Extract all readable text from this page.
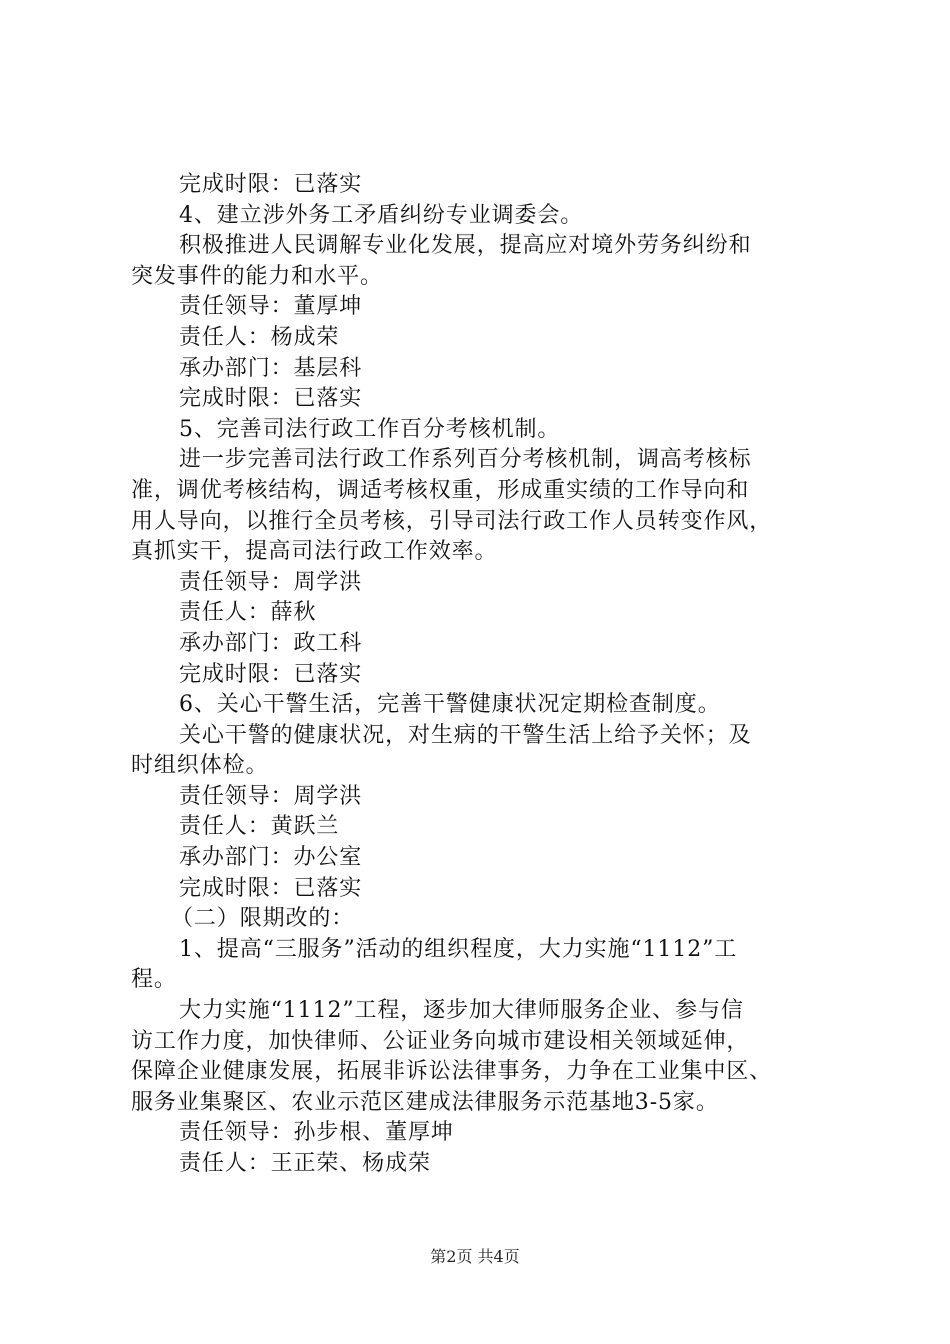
完成时限：已落实
4、建立涉外务工矛盾纠纷专业调委会。
积极推进人民调解专业化发展，提高应对境外劳务纠纷和
突发事件的能力和水平。
责任领导：董厚坤
责任人：杨成荣
承办部门：基层科
完成时限：已落实
5、完善司法行政工作百分考核机制。
进一步完善司法行政工作系列百分考核机制，调高考核标
准，调优考核结构，调适考核权重，形成重实绩的工作导向和
用人导向，以推行全员考核，引导司法行政工作人员转变作风，
真抓实干，提高司法行政工作效率。
责任领导：周学洪
责任人：薛秋
承办部门：政工科
完成时限：已落实
6、关心干警生活，完善干警健康状况定期检查制度。
关心干警的健康状况，对生病的干警生活上给予关怀；及
时组织体检。
责任领导：周学洪
责任人：黄跃兰
承办部门：办公室
完成时限：已落实
（二）限期改的：
1、提高“三服务”活动的组织程度，大力实施“1112”工
程。
大力实施“1112”工程，逐步加大律师服务企业、参与信
访工作力度，加快律师、公证业务向城市建设相关领域延伸，
保障企业健康发展，拓展非诉讼法律事务，力争在工业集中区、
服务业集聚区、农业示范区建成法律服务示范基地3-5家。
责任领导：孙步根、董厚坤
责任人：王正荣、杨成荣
第2页 共4页
